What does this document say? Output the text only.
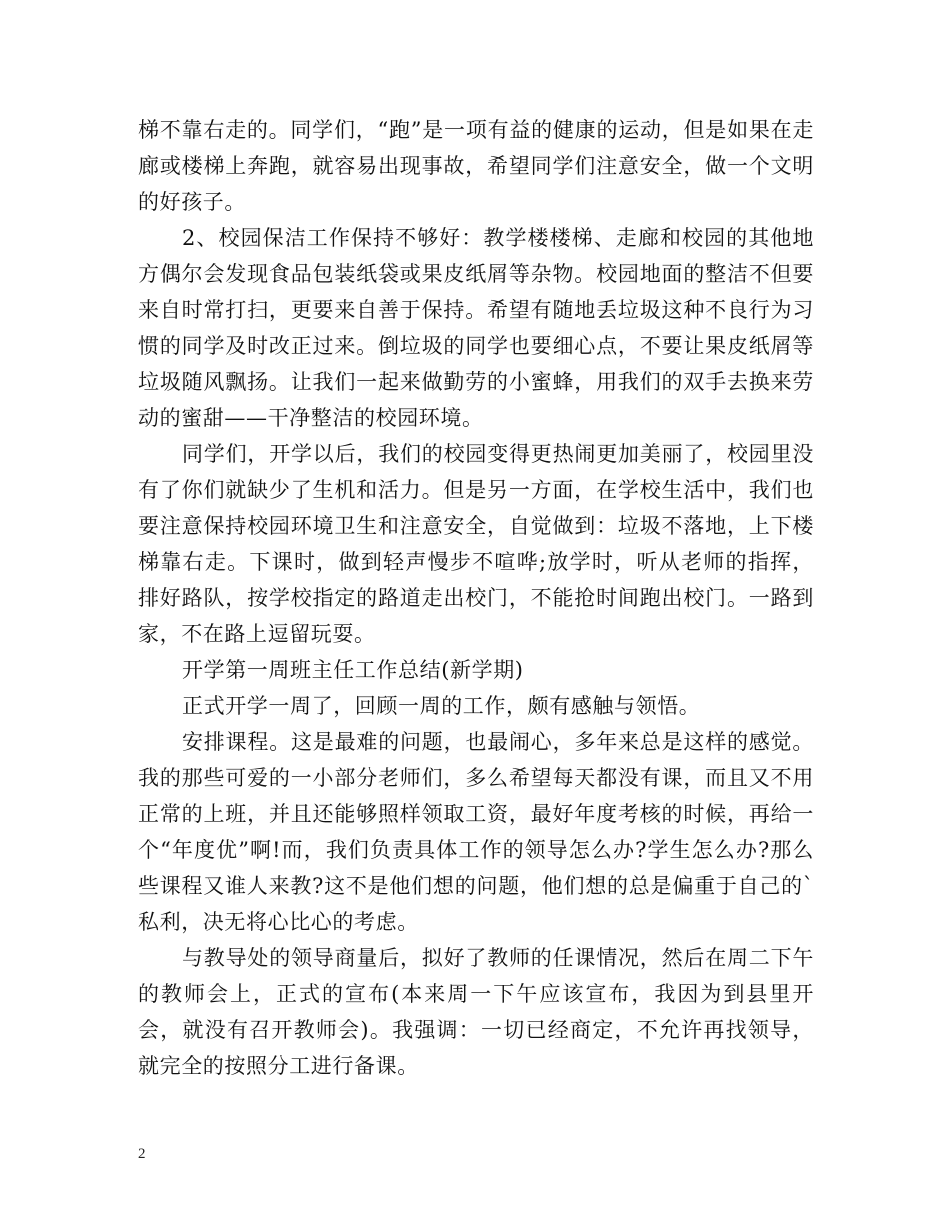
梯不靠右走的。同学们，“跑”是一项有益的健康的运动，但是如果在走廊或楼梯上奔跑，就容易出现事故，希望同学们注意安全，做一个文明的好孩子。

2、校园保洁工作保持不够好：教学楼楼梯、走廊和校园的其他地方偶尔会发现食品包装纸袋或果皮纸屑等杂物。校园地面的整洁不但要来自时常打扫，更要来自善于保持。希望有随地丢垃圾这种不良行为习惯的同学及时改正过来。倒垃圾的同学也要细心点，不要让果皮纸屑等垃圾随风飘扬。让我们一起来做勤劳的小蜜蜂，用我们的双手去换来劳动的蜜甜——干净整洁的校园环境。

同学们，开学以后，我们的校园变得更热闹更加美丽了，校园里没有了你们就缺少了生机和活力。但是另一方面，在学校生活中，我们也要注意保持校园环境卫生和注意安全，自觉做到：垃圾不落地，上下楼梯靠右走。下课时，做到轻声慢步不喧哗;放学时，听从老师的指挥，排好路队，按学校指定的路道走出校门，不能抢时间跑出校门。一路到家，不在路上逗留玩耍。

开学第一周班主任工作总结(新学期)

正式开学一周了，回顾一周的工作，颇有感触与领悟。

安排课程。这是最难的问题，也最闹心，多年来总是这样的感觉。我的那些可爱的一小部分老师们，多么希望每天都没有课，而且又不用正常的上班，并且还能够照样领取工资，最好年度考核的时候，再给一个“年度优”啊!而，我们负责具体工作的领导怎么办?学生怎么办?那么些课程又谁人来教?这不是他们想的问题，他们想的总是偏重于自己的`私利，决无将心比心的考虑。

与教导处的领导商量后，拟好了教师的任课情况，然后在周二下午的教师会上，正式的宣布(本来周一下午应该宣布，我因为到县里开会，就没有召开教师会)。我强调：一切已经商定，不允许再找领导，就完全的按照分工进行备课。

2
